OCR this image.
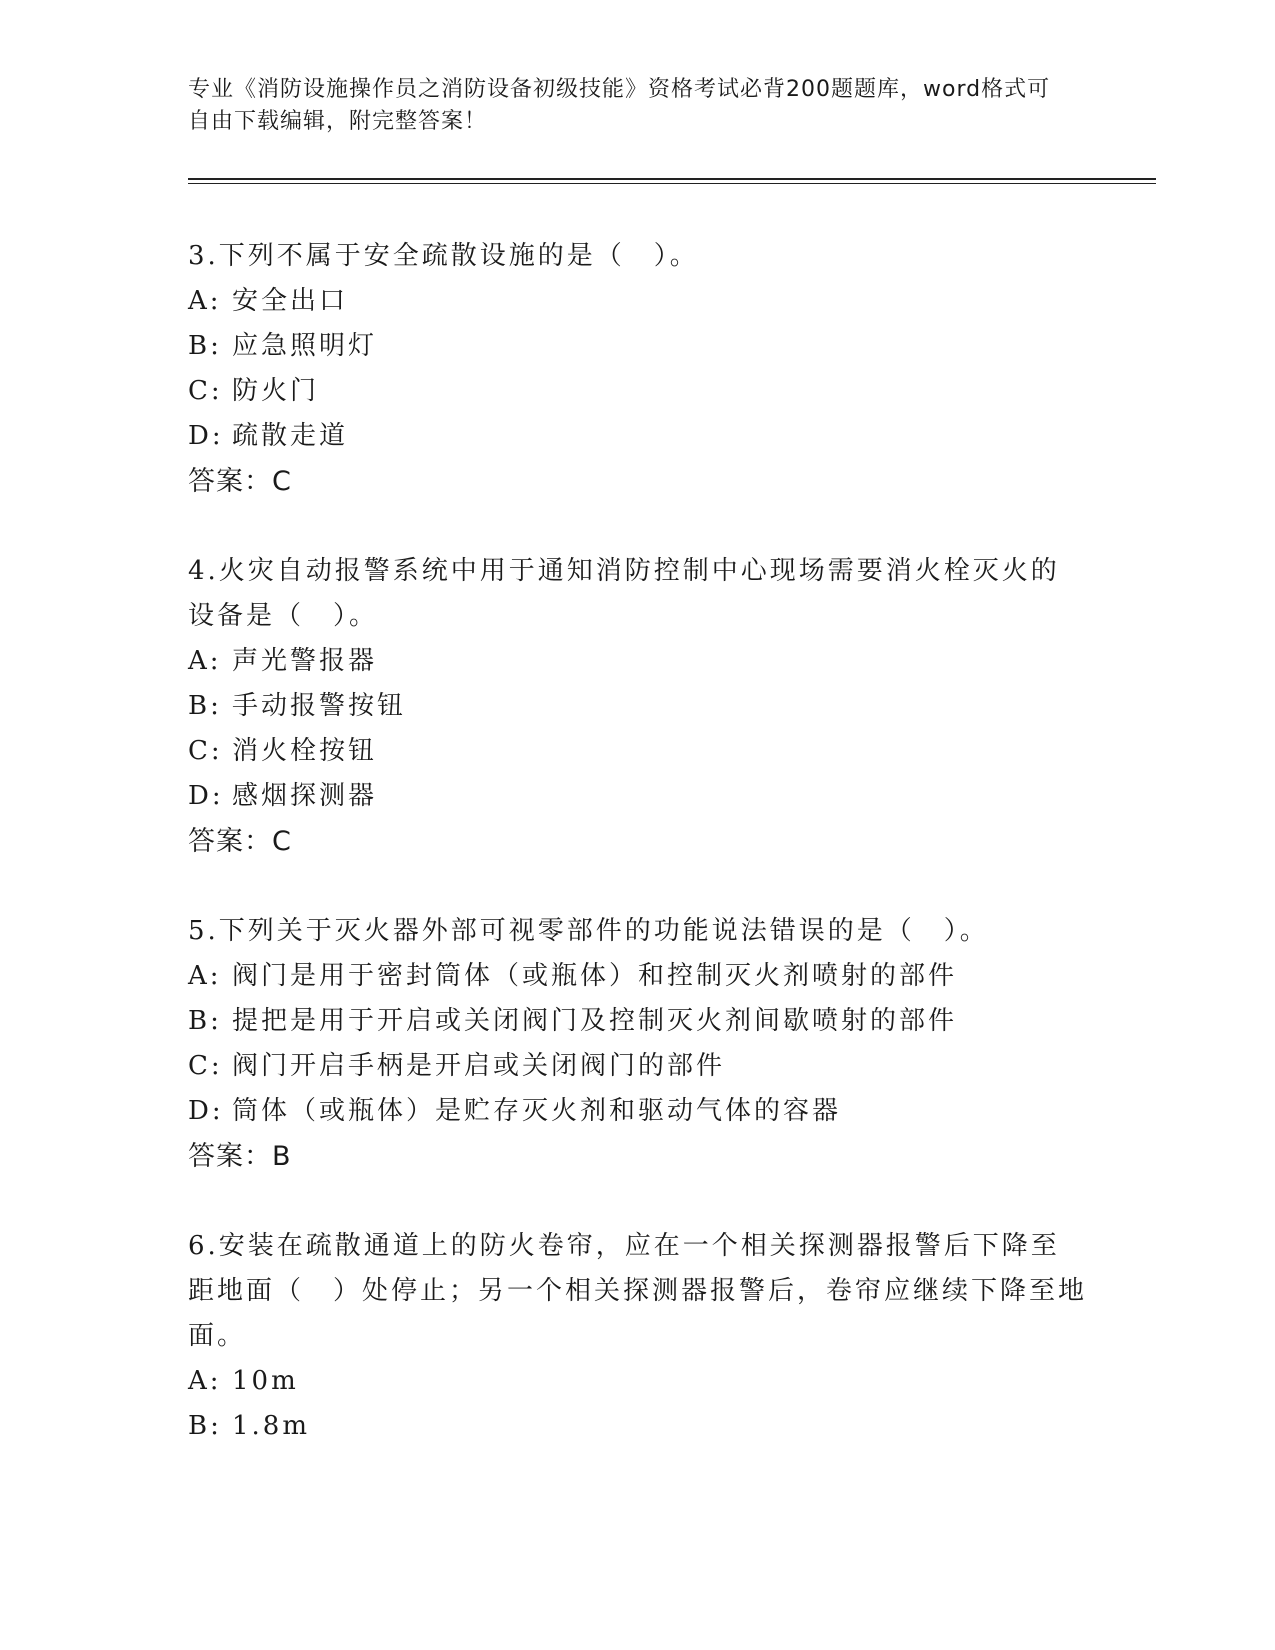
专业《消防设施操作员之消防设备初级技能》资格考试必背200题题库，word格式可自由下载编辑，附完整答案！
3.下列不属于安全疏散设施的是（　）。
A: 安全出口
B: 应急照明灯
C: 防火门
D: 疏散走道
答案：C
4.火灾自动报警系统中用于通知消防控制中心现场需要消火栓灭火的设备是（　）。
A: 声光警报器
B: 手动报警按钮
C: 消火栓按钮
D: 感烟探测器
答案：C
5.下列关于灭火器外部可视零部件的功能说法错误的是（　）。
A: 阀门是用于密封筒体（或瓶体）和控制灭火剂喷射的部件
B: 提把是用于开启或关闭阀门及控制灭火剂间歇喷射的部件
C: 阀门开启手柄是开启或关闭阀门的部件
D: 筒体（或瓶体）是贮存灭火剂和驱动气体的容器
答案：B
6.安装在疏散通道上的防火卷帘，应在一个相关探测器报警后下降至距地面（　）处停止；另一个相关探测器报警后，卷帘应继续下降至地面。
A: 10m
B: 1.8m
